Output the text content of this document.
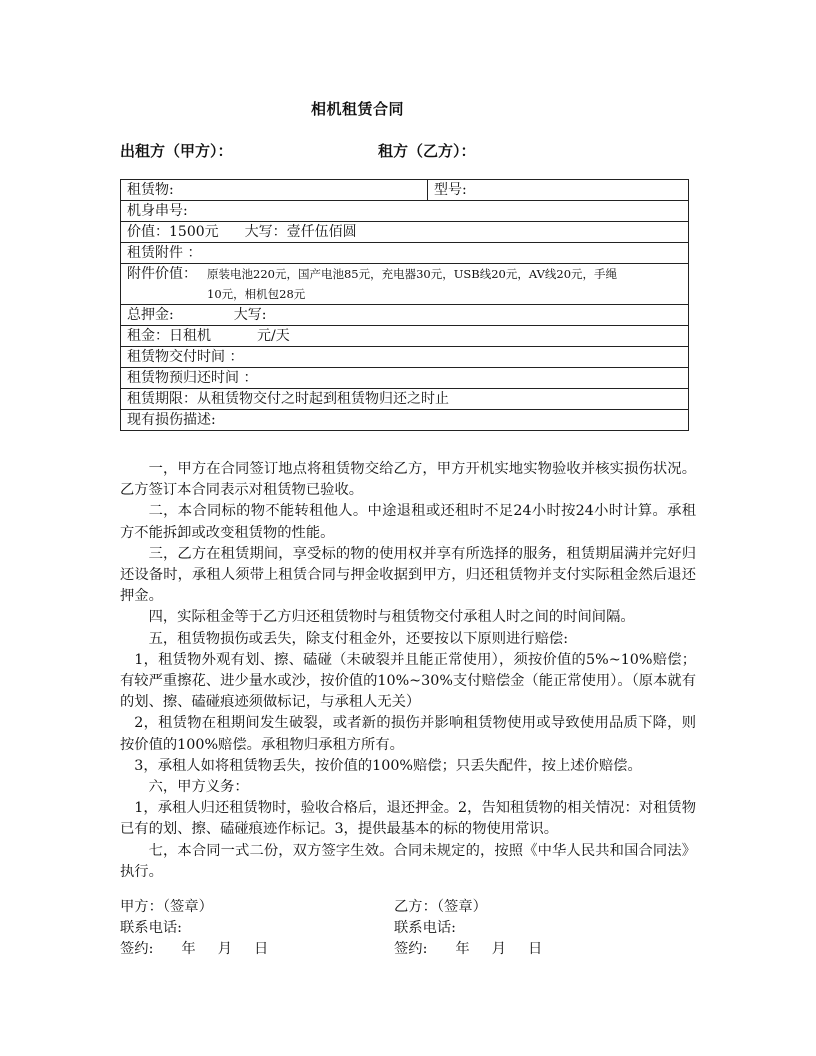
相机租赁合同
出租方（甲方）：	租方（乙方）：
租赁物:	型号:
机身串号:
价值：1500元 大写：壹仟伍佰圆
租赁附件 ：

附件价值： 原装电池220元，国产电池85元，充电器30元，USB线20元，AV线20元，手绳
10元，相机包28元

总押金:	大写:
租金：日租机	元/天
租赁物交付时间 ：
租赁物预归还时间 ：
租赁期限：从租赁物交付之时起到租赁物归还之时止
现有损伤描述:

一，甲方在合同签订地点将租赁物交给乙方，甲方开机实地实物验收并核实损伤状况。乙方签订本合同表示对租赁物已验收。

二，本合同标的物不能转租他人。中途退租或还租时不足24小时按24小时计算。承租方不能拆卸或改变租赁物的性能。

三，乙方在租赁期间，享受标的物的使用权并享有所选择的服务，租赁期届满并完好归还设备时，承租人须带上租赁合同与押金收据到甲方，归还租赁物并支付实际租金然后退还押金。

四，实际租金等于乙方归还租赁物时与租赁物交付承租人时之间的时间间隔。

五，租赁物损伤或丢失，除支付租金外，还要按以下原则进行赔偿:

1，租赁物外观有划、擦、磕碰（未破裂并且能正常使用），须按价值的5%~10%赔偿；有较严重擦花、进少量水或沙，按价值的10%~30%支付赔偿金（能正常使用）。（原本就有的划、擦、磕碰痕迹须做标记，与承租人无关）

2，租赁物在租期间发生破裂，或者新的损伤并影响租赁物使用或导致使用品质下降，则按价值的100%赔偿。承租物归承租方所有。

3，承租人如将租赁物丢失，按价值的100%赔偿；只丢失配件，按上述价赔偿。

六，甲方义务：

1，承租人归还租赁物时，验收合格后，退还押金。2，告知租赁物的相关情况：对租赁物已有的划、擦、磕碰痕迹作标记。3，提供最基本的标的物使用常识。

七，本合同一式二份，双方签字生效。合同未规定的，按照《中华人民共和国合同法》执行。

甲方：（签章）
联系电话:
签约: 年 月 日
乙方：（签章）
联系电话:
签约: 年 月 日
